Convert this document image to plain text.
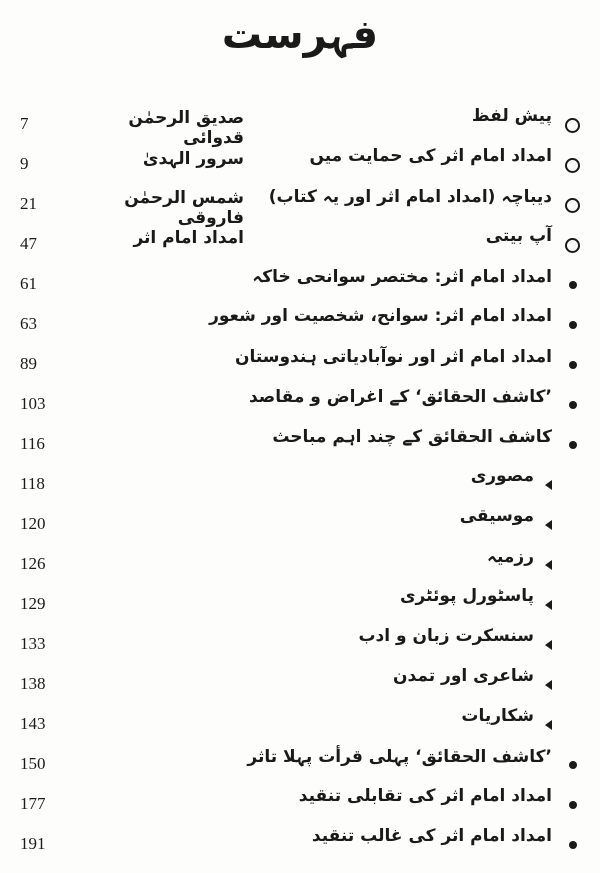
فہرست
پیش لفظ
صدیق الرحمٰن قدوائی
7
امداد امام اثر کی حمایت میں
سرور الہدیٰ
9
دیباچہ (امداد امام اثر اور یہ کتاب)
شمس الرحمٰن فاروقی
21
آپ بیتی
امداد امام اثر
47
امداد امام اثر: مختصر سوانحی خاکہ
61
امداد امام اثر: سوانح، شخصیت اور شعور
63
امداد امام اثر اور نوآبادیاتی ہندوستان
89
’کاشف الحقائق‘ کے اغراض و مقاصد
103
کاشف الحقائق کے چند اہم مباحث
116
مصوری
118
موسیقی
120
رزمیہ
126
پاسٹورل پوئٹری
129
سنسکرت زبان و ادب
133
شاعری اور تمدن
138
شکاریات
143
’کاشف الحقائق‘ پہلی قرأت پہلا تاثر
150
امداد امام اثر کی تقابلی تنقید
177
امداد امام اثر کی غالب تنقید
191
